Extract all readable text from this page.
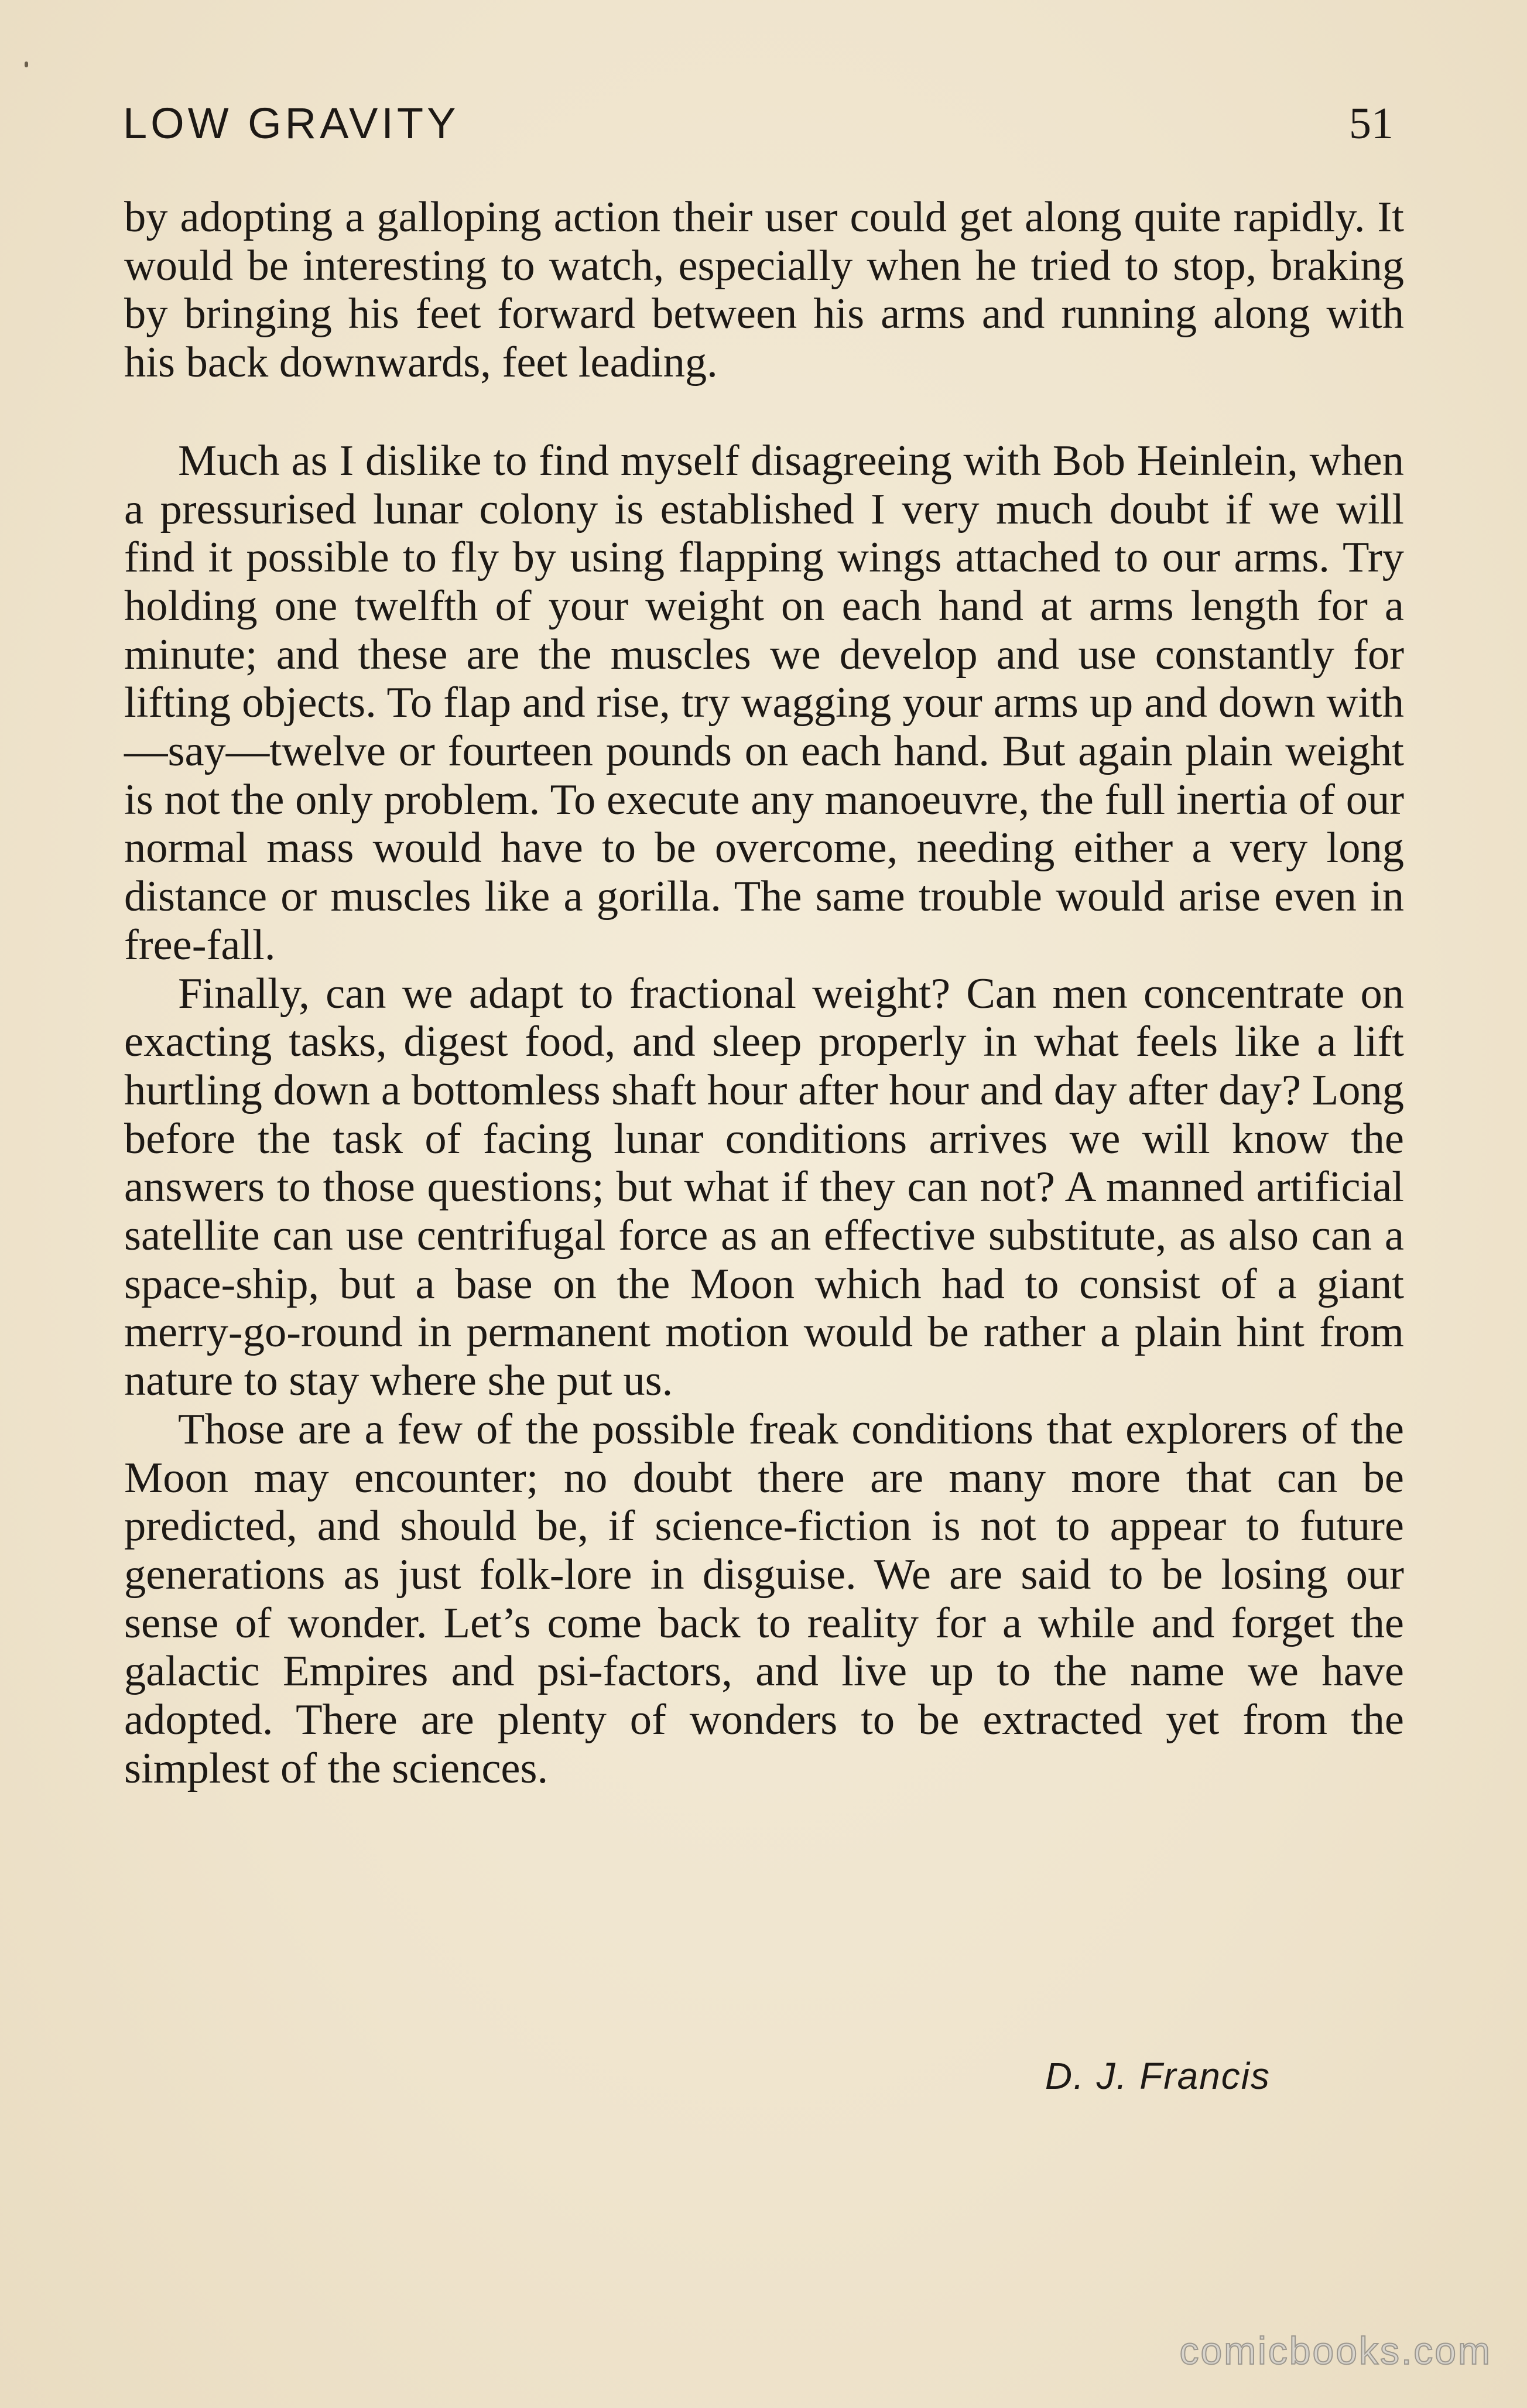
LOW GRAVITY	51

by adopting a galloping action their user could get along quite rapidly. It would be interesting to watch, especially when he tried to stop, braking by bringing his feet forward between his arms and running along with his back downwards, feet leading.

Much as I dislike to find myself disagreeing with Bob Heinlein, when a pressurised lunar colony is established I very much doubt if we will find it possible to fly by using flapping wings attached to our arms. Try holding one twelfth of your weight on each hand at arms length for a minute; and these are the muscles we develop and use constantly for lifting objects. To flap and rise, try wagging your arms up and down with—say—twelve or fourteen pounds on each hand. But again plain weight is not the only problem. To execute any manoeuvre, the full inertia of our normal mass would have to be overcome, needing either a very long distance or muscles like a gorilla. The same trouble would arise even in free-fall.

Finally, can we adapt to fractional weight? Can men concentrate on exacting tasks, digest food, and sleep properly in what feels like a lift hurtling down a bottomless shaft hour after hour and day after day? Long before the task of facing lunar conditions arrives we will know the answers to those questions; but what if they can not? A manned artificial satellite can use centrifugal force as an effective substitute, as also can a space-ship, but a base on the Moon which had to consist of a giant merry-go-round in permanent motion would be rather a plain hint from nature to stay where she put us.

Those are a few of the possible freak conditions that explorers of the Moon may encounter; no doubt there are many more that can be predicted, and should be, if science-fiction is not to appear to future generations as just folk-lore in disguise. We are said to be losing our sense of wonder. Let’s come back to reality for a while and forget the galactic Empires and psi-factors, and live up to the name we have adopted. There are plenty of wonders to be extracted yet from the simplest of the sciences.

D. J. Francis
comicbooks.com
